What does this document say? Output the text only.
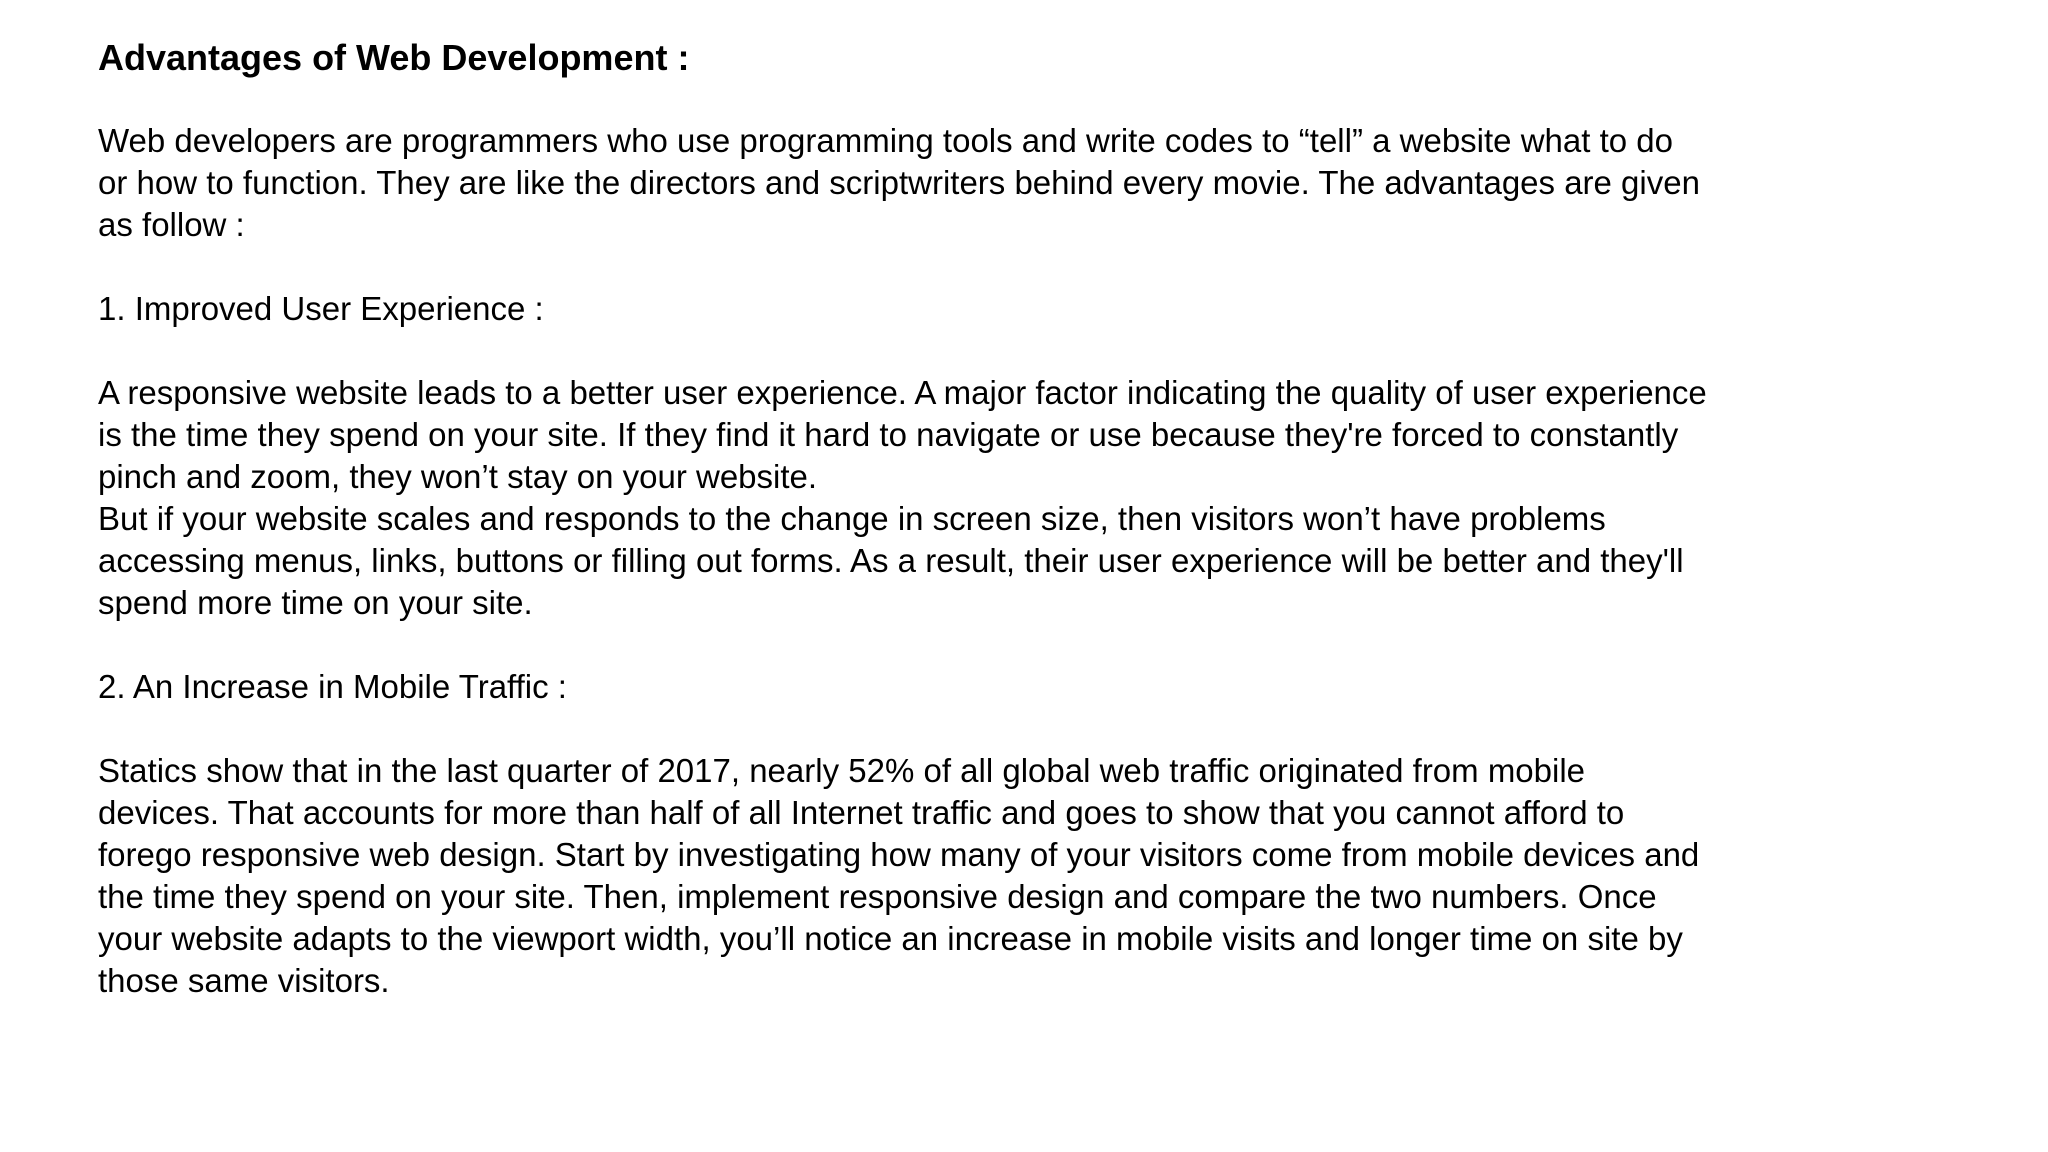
Advantages of Web Development :
Web developers are programmers who use programming tools and write codes to “tell” a website what to do
or how to function. They are like the directors and scriptwriters behind every movie. The advantages are given
as follow :
1. Improved User Experience :
A responsive website leads to a better user experience. A major factor indicating the quality of user experience
is the time they spend on your site. If they find it hard to navigate or use because they're forced to constantly
pinch and zoom, they won’t stay on your website.
But if your website scales and responds to the change in screen size, then visitors won’t have problems
accessing menus, links, buttons or filling out forms. As a result, their user experience will be better and they'll
spend more time on your site.
2. An Increase in Mobile Traffic :
Statics show that in the last quarter of 2017, nearly 52% of all global web traffic originated from mobile
devices. That accounts for more than half of all Internet traffic and goes to show that you cannot afford to
forego responsive web design. Start by investigating how many of your visitors come from mobile devices and
the time they spend on your site. Then, implement responsive design and compare the two numbers. Once
your website adapts to the viewport width, you’ll notice an increase in mobile visits and longer time on site by
those same visitors.
